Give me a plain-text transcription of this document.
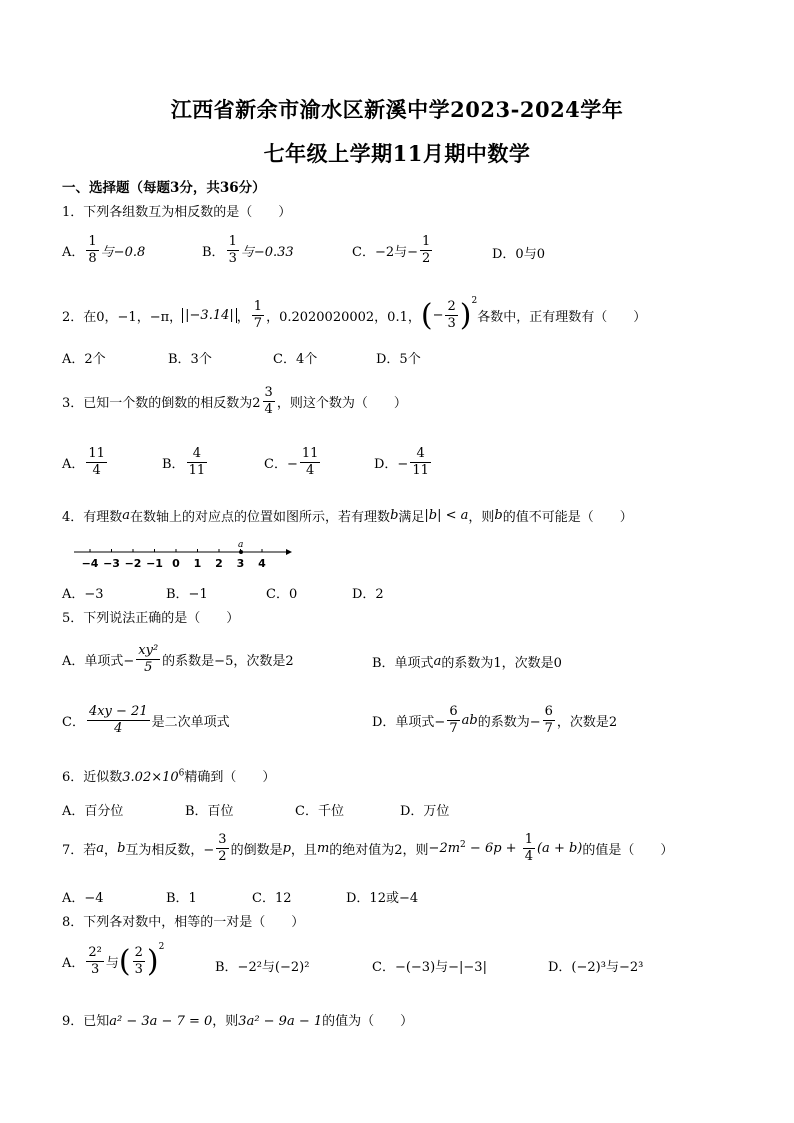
江西省新余市渝水区新溪中学2023-2024学年
七年级上学期11月期中数学
一、选择题（每题3分，共36分）
1．下列各组数互为相反数的是（　　）
A． $\frac{1}{8}$ 与−0.8	B． $\frac{1}{3}$ 与−0.33	C． −2与− $\frac{1}{2}$	D．0与0
2．在0，−1，−π， |−3.14| ， $\frac{1}{7}$ ，0.2020020002，0.1， ( − $\frac{2}{3} )^2$
各数中，正有理数有（　　）
A．2个	B．3个	C．4个	D．5个
3．已知一个数的倒数的相反数为$2 \frac{3}{4}$ ，则这个数为（　　）
A． $\frac{11}{4}$	B． $\frac{4}{11}$	C．− $\frac{11}{4}$	D．− $\frac{4}{11}$
4．有理数 a 在数轴上的对应点的位置如图所示，若有理数 b 满足 |b| < a ，则 b 的值不可能是（　　）
−4 −3 −2 −1 0 1 2 3 4
a
A．−3	B．−1	C．0	D．2
5．下列说法正确的是（　　）
A．单项式− $\frac{\text{xy²}}{5}$ 的系数是−5，次数是2	B．单项式 a 的系数为1，次数是0
C． $\frac{4xy - 21}{4}$ 是二次单项式	D．单项式− $\frac{6}{7}$ ab 的系数为− $\frac{6}{7}$ ，次数是2
6．近似数$3.02\times 10^6$精确到（　　）
A．百分位	B．百位	C．千位	D．万位
7．若 a ， b 互为相反数，− $\frac{3}{2}$ 的倒数是 p ，且 m 的绝对值为2，则 $-2m^2 - 6p + \frac{1}{4} (a + b)$ 的值是（　　）
A．−4	B．1	C．12	D．12或−4
8．下列各对数中，相等的一对是（　　）
A． $\frac{\text{2²}}{3}$ 与 ( $\frac{2}{3} )^2$
B．−2²与(−2)²	C．−(−3)与−|−3|	D．(−2)³与−2³
9．已知a² − 3a − 7 = 0，则3a² − 9a − 1的值为（　　）
